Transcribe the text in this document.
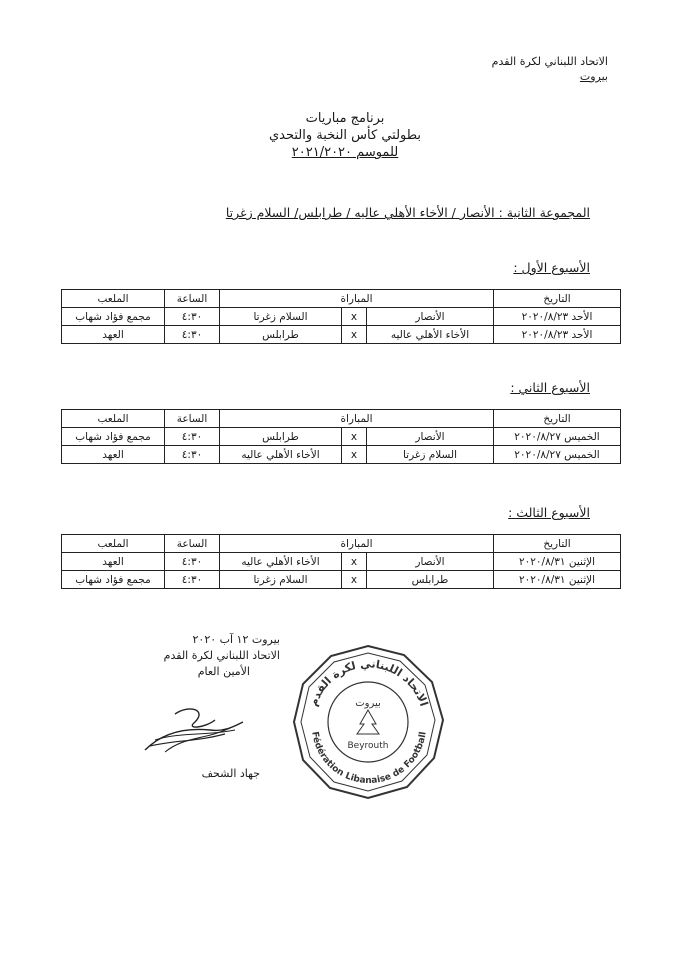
الاتحاد اللبناني لكرة القدم
بيروت
برنامج مباريات
بطولتي كأس النخبة والتحدي
للموسم ٢٠٢١/٢٠٢٠
المجموعة الثانية : الأنصار / الأخاء الأهلي عاليه / طرابلس/ السلام زغرتا
الأسبوع الأول :
التاريخ	المباراة			الساعة	الملعب
الأحد ٢٠٢٠/٨/٢٣	الأنصار	x	السلام زغرتا	٤:٣٠	مجمع فؤاد شهاب
الأحد ٢٠٢٠/٨/٢٣	الأخاء الأهلي عاليه	x	طرابلس	٤:٣٠	العهد
الأسبوع الثاني :
التاريخ	المباراة			الساعة	الملعب
الخميس ٢٠٢٠/٨/٢٧	الأنصار	x	طرابلس	٤:٣٠	مجمع فؤاد شهاب
الخميس ٢٠٢٠/٨/٢٧	السلام زغرتا	x	الأخاء الأهلي عاليه	٤:٣٠	العهد
الأسبوع الثالث :
التاريخ	المباراة			الساعة	الملعب
الإثنين ٢٠٢٠/٨/٣١	الأنصار	x	الأخاء الأهلي عاليه	٤:٣٠	العهد
الإثنين ٢٠٢٠/٨/٣١	طرابلس	x	السلام زغرتا	٤:٣٠	مجمع فؤاد شهاب
بيروت ١٢ آب ٢٠٢٠
الاتحاد اللبناني لكرة القدم
الأمين العام
جهاد الشحف
الاتحاد اللبناني لكرة القدم
Fédération Libanaise de Football
بيروت
Beyrouth
